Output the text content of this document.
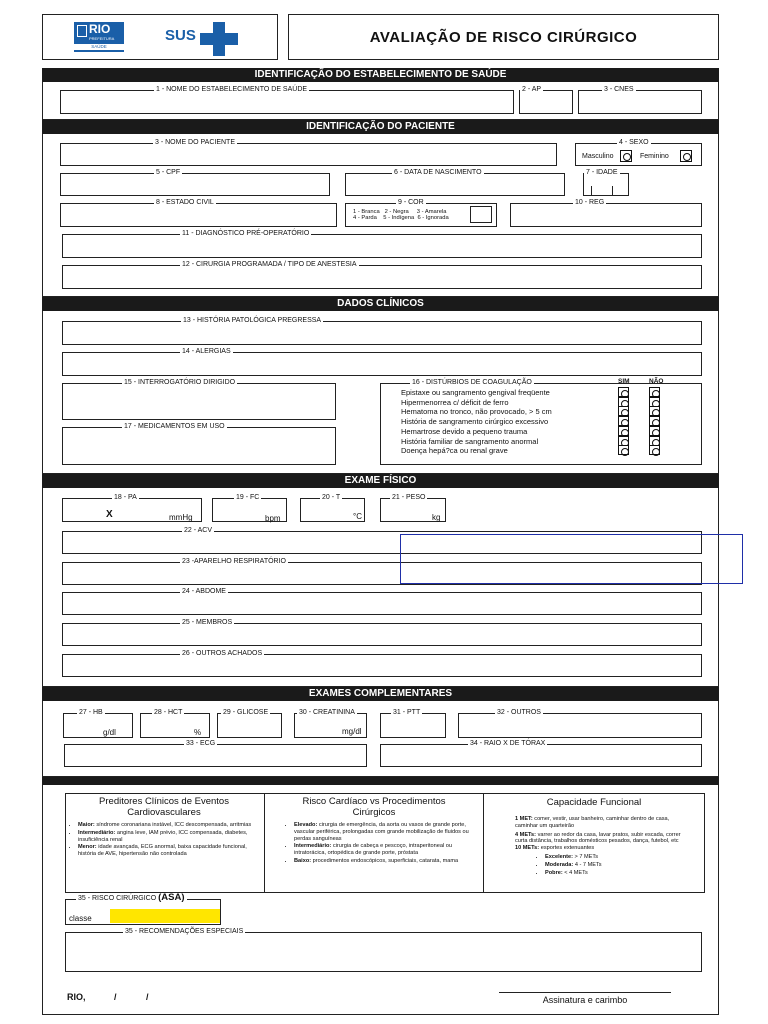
RIO
PREFEITURA
SAÚDE
SUS	AVALIAÇÃO DE RISCO CIRÚRGICO
IDENTIFICAÇÃO DO ESTABELECIMENTO DE SAÚDE
IDENTIFICAÇÃO DO PACIENTE
DADOS CLÍNICOS
EXAME FÍSICO
EXAMES COMPLEMENTARES
1 - NOME DO ESTABELECIMENTO DE SAÚDE	2 - AP	3 - CNES
3 - NOME DO PACIENTE	4 - SEXO
Masculino	Feminino
5 - CPF	6 - DATA DE NASCIMENTO	7 - IDADE
8 - ESTADO CIVIL	9 - COR
1 - Branca   2 - Negra     3 - Amarela
4 - Parda    5 - Indígena  6 - Ignorada
10 - REG
11 - DIAGNÓSTICO PRÉ-OPERATÓRIO
12 - CIRURGIA PROGRAMADA / TIPO DE ANESTESIA
13 - HISTÓRIA PATOLÓGICA PREGRESSA
14 - ALERGIAS
15 - INTERROGATÓRIO DIRIGIDO
17 - MEDICAMENTOS EM USO
16 - DISTÚRBIOS DE COAGULAÇÃO	SIM	NÃO
Epistaxe ou sangramento gengival freqüente
Hipermenorrea c/ déficit de ferro
Hematoma no tronco, não provocado, > 5 cm
História de sangramento cirúrgico excessivo
Hemartrose devido a pequeno trauma
História familiar de sangramento anormal
Doença hepá?ca ou renal grave
18 - PA
X	mmHg
19 - FC
bpm
20 - T
°C
21 - PESO
kg
22 - ACV
23 -APARELHO RESPIRATÓRIO
24 - ABDOME
25 - MEMBROS
26 - OUTROS ACHADOS
27 - HB
g/dl
28 - HCT
%
29 - GLICOSE	30 - CREATININA
mg/dl
31 - PTT	32 - OUTROS
33 - ECG	34 - RAIO X DE TÓRAX
Preditores Clínicos de Eventos Cardiovasculares
• Maior: síndrome coronariana instável, ICC descompensada, arritmias
• Intermediário: angina leve, IAM prévio, ICC compensada, diabetes, insuficiência renal
• Menor: idade avançada, ECG anormal, baixa capacidade funcional, história de AVE, hipertensão não controlada
Risco Cardíaco vs Procedimentos Cirúrgicos
• Elevado: cirurgia de emergência, da aorta ou vasos de grande porte, vascular periférica, prolongadas com grande mobilização de fluidos ou perdas sanguíneas
• Intermediário: cirurgia de cabeça e pescoço, intraperitoneal ou intratorácica, ortopédica de grande porte, próstata
• Baixo: procedimentos endoscópicos, superficiais, catarata, mama
Capacidade Funcional
1 MET: comer, vestir, usar banheiro, caminhar dentro de casa, caminhar um quarteirão
4 METs: varrer ao redor da casa, lavar pratos, subir escada, correr curta distância, trabalhos domésticos pesados, dança, futebol, etc
10 METs: esportes extenuantes
• Excelente: > 7 METs
• Moderada: 4 - 7 METs
• Pobre: < 4 METs
35 - RISCO CIRÚRGICO (ASA)
classe
35 - RECOMENDAÇÕES ESPECIAIS
RIO,	/	/	Assinatura e carimbo
